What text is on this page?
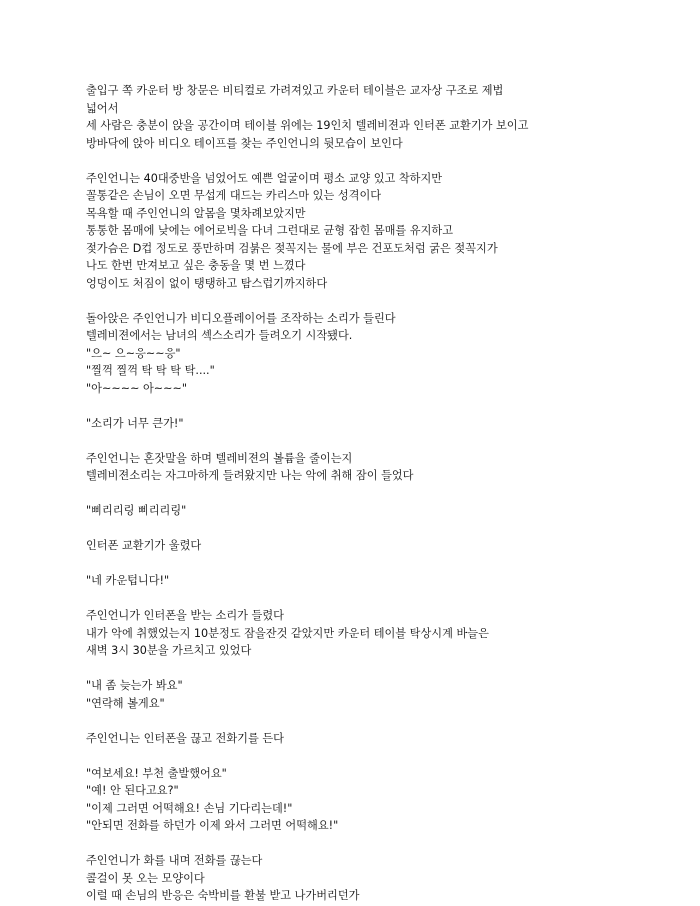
출입구 쪽 카운터 방 창문은 비티컬로 가려져있고 카운터 테이블은 교자상 구조로 제법
넓어서
세 사람은 충분이 앉을 공간이며 테이블 위에는 19인치 텔레비젼과 인터폰 교환기가 보이고
방바닥에 앉아 비디오 테이프를 찾는 주인언니의 뒷모습이 보인다
주인언니는 40대중반을 넘었어도 예쁜 얼굴이며 평소 교양 있고 착하지만
꼴통같은 손님이 오면 무섭게 대드는 카리스마 있는 성격이다
목욕할 때 주인언니의 알몸을 몇차례보았지만
통통한 몸매에 낮에는 에어로빅을 다녀 그런대로 균형 잡힌 몸매를 유지하고
젖가슴은 D컵 정도로 풍만하며 검붉은 젖꼭지는 물에 부은 건포도처럼 굵은 젖꼭지가
나도 한번 만져보고 싶은 충동을 몇 번 느꼈다
엉덩이도 처짐이 없이 탱탱하고 탐스럽기까지하다
돌아앉은 주인언니가 비디오플레이어를 조작하는 소리가 들린다
텔레비젼에서는 남녀의 섹스소리가 들려오기 시작됐다.
"으~ 으~응~~응"
"찔꺽 찔꺽 탁 탁 탁 탁...."
"아~~~~ 아~~~"
"소리가 너무 큰가!"
주인언니는 혼잣말을 하며 텔레비젼의 볼륨을 줄이는지
텔레비젼소리는 자그마하게 들려왔지만 나는 악에 취해 잠이 들었다
"삐리리링 삐리리링"
인터폰 교환기가 울렸다
"네 카운텁니다!"
주인언니가 인터폰을 받는 소리가 들렸다
내가 악에 취했었는지 10분정도 잠을잔것 같았지만 카운터 테이블 탁상시계 바늘은
새벽 3시 30분을 가르치고 있었다
"내 좀 늦는가 봐요"
"연락해 볼게요"
주인언니는 인터폰을 끊고 전화기를 든다
"여보세요! 부천 출발했어요"
"예! 안 된다고요?"
"이제 그러면 어떡해요! 손님 기다리는데!"
"안되면 전화를 하던가 이제 와서 그러면 어떡해요!"
주인언니가 화를 내며 전화를 끊는다
콜걸이 못 오는 모양이다
이럴 때 손님의 반응은 숙박비를 환불 받고 나가버리던가
